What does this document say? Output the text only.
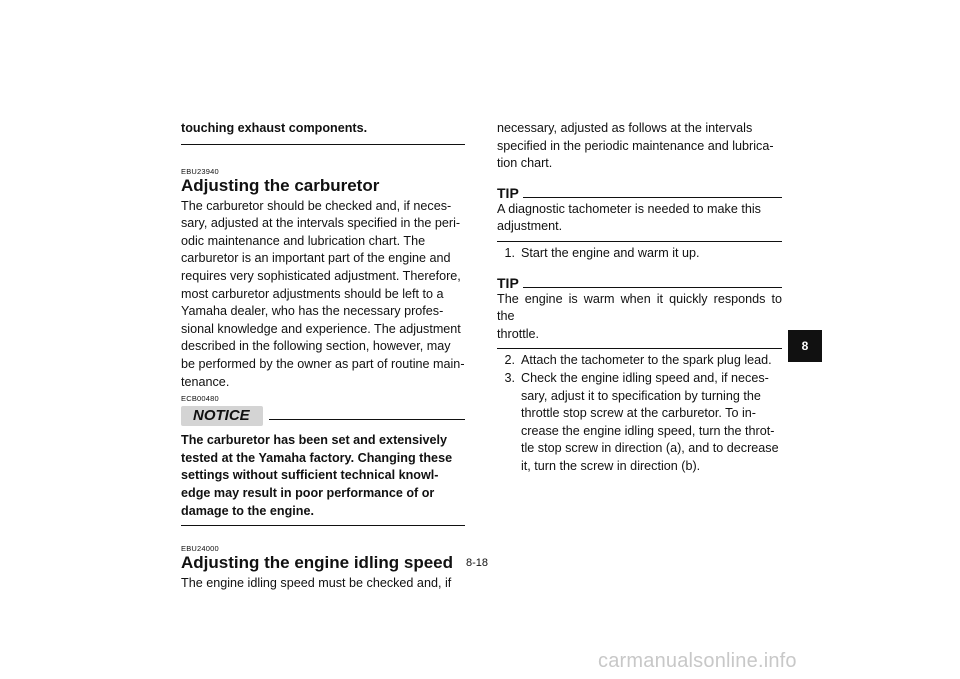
touching exhaust components.

EBU23940

Adjusting the carburetor
The carburetor should be checked and, if neces-
sary, adjusted at the intervals specified in the peri-
odic maintenance and lubrication chart. The
carburetor is an important part of the engine and
requires very sophisticated adjustment. Therefore,
most carburetor adjustments should be left to a
Yamaha dealer, who has the necessary profes-
sional knowledge and experience. The adjustment
described in the following section, however, may
be performed by the owner as part of routine main-
tenance.

ECB00480

NOTICE
The carburetor has been set and extensively
tested at the Yamaha factory. Changing these
settings without sufficient technical knowl-
edge may result in poor performance of or
damage to the engine.

EBU24000

Adjusting the engine idling speed
The engine idling speed must be checked and, if
necessary, adjusted as follows at the intervals
specified in the periodic maintenance and lubrica-
tion chart.
TIP
A diagnostic tachometer is needed to make this
adjustment.
1. Start the engine and warm it up.
TIP
The engine is warm when it quickly responds to the
throttle.
2. Attach the tachometer to the spark plug lead.
3. Check the engine idling speed and, if neces-
sary, adjust it to specification by turning the
throttle stop screw at the carburetor. To in-
crease the engine idling speed, turn the throt-
tle stop screw in direction (a), and to decrease
it, turn the screw in direction (b).
8-18
8
carmanualsonline.info
